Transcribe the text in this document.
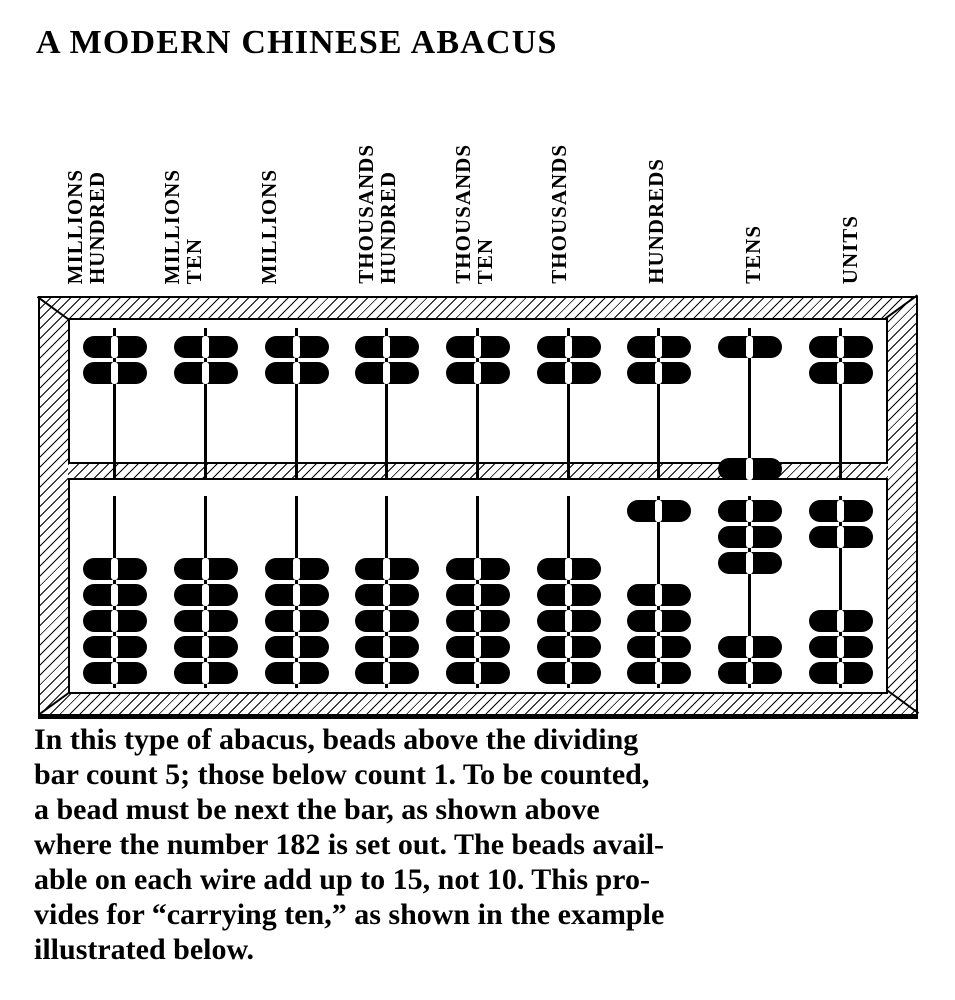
A MODERN CHINESE ABACUS
HUNDRED
MILLIONS	TEN
MILLIONS	MILLIONS	HUNDRED
THOUSANDS	TEN
THOUSANDS	THOUSANDS	HUNDREDS	TENS	UNITS
In this type of abacus, beads above the dividing
bar count 5; those below count 1. To be counted,
a bead must be next the bar, as shown above
where the number 182 is set out. The beads avail-
able on each wire add up to 15, not 10. This pro-
vides for “carrying ten,” as shown in the example
illustrated below.
